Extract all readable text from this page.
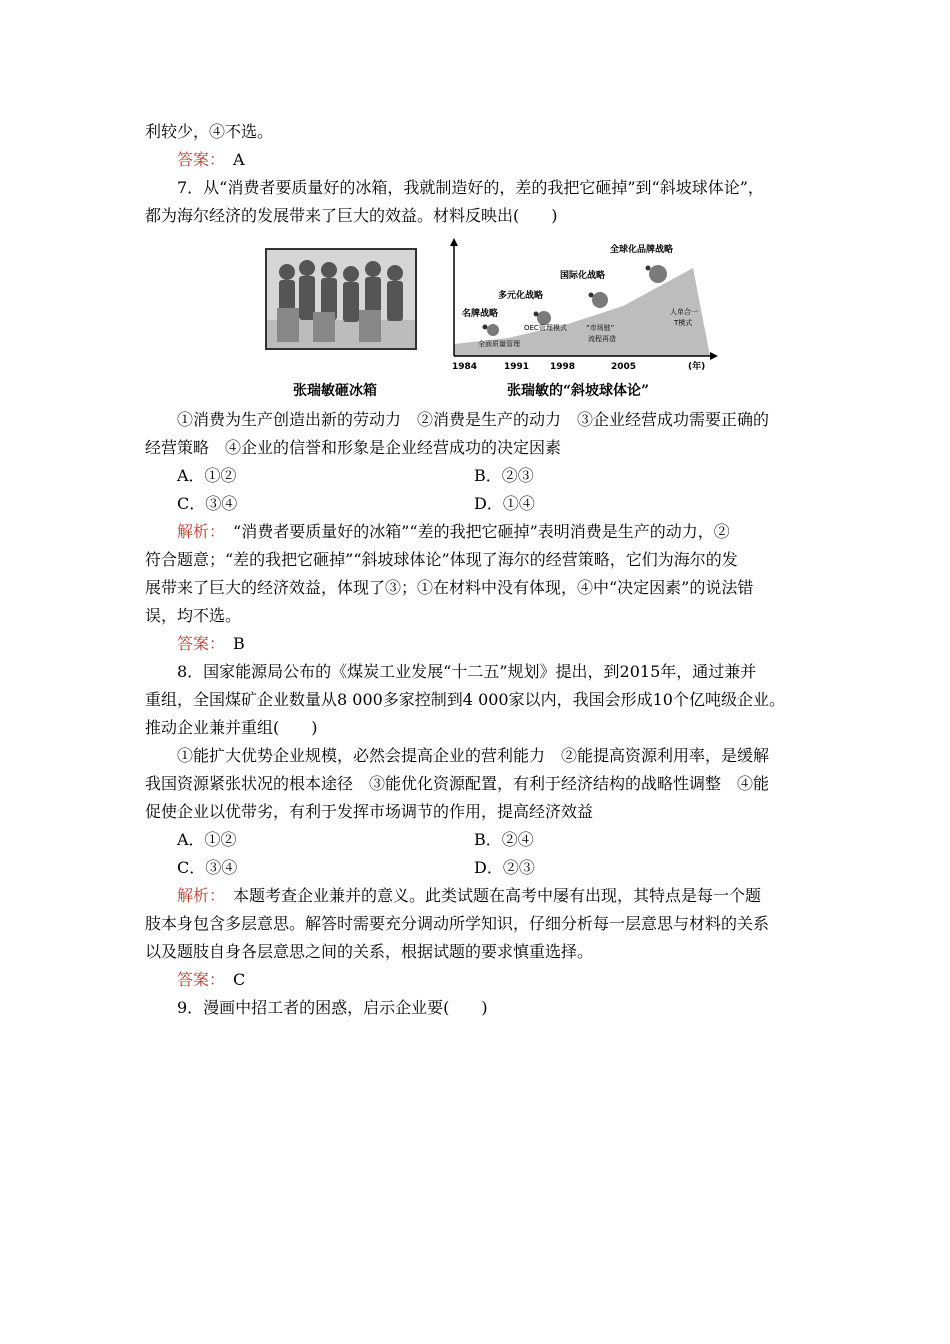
利较少，④不选。
答案：　 A
7．从“消费者要质量好的冰箱，我就制造好的，差的我把它砸掉”到“斜坡球体论”，
都为海尔经济的发展带来了巨大的效益。材料反映出(　　)
名牌战略
多元化战略
国际化战略
全球化品牌战略
全面质量管理
OEC管理模式	“市场链”
流程再造
人单合一
T模式
1984	1991 1998	2005	(年)
张瑞敏砸冰箱	张瑞敏的“斜坡球体论”
①消费为生产创造出新的劳动力　②消费是生产的动力　③企业经营成功需要正确的
经营策略　④企业的信誉和形象是企业经营成功的决定因素
A．①②	B．②③
C．③④	D．①④
解析：　 “消费者要质量好的冰箱”“差的我把它砸掉”表明消费是生产的动力，②
符合题意；“差的我把它砸掉”“斜坡球体论”体现了海尔的经营策略，它们为海尔的发
展带来了巨大的经济效益，体现了③；①在材料中没有体现，④中“决定因素”的说法错
误，均不选。
答案：　 B
8．国家能源局公布的《煤炭工业发展“十二五”规划》提出，到2015年，通过兼并
重组，全国煤矿企业数量从8 000多家控制到4 000家以内，我国会形成10个亿吨级企业。
推动企业兼并重组(　　)
①能扩大优势企业规模，必然会提高企业的营利能力　②能提高资源利用率，是缓解
我国资源紧张状况的根本途径　③能优化资源配置，有利于经济结构的战略性调整　④能
促使企业以优带劣，有利于发挥市场调节的作用，提高经济效益
A．①②	B．②④
C．③④	D．②③
解析：　 本题考查企业兼并的意义。此类试题在高考中屡有出现，其特点是每一个题
肢本身包含多层意思。解答时需要充分调动所学知识，仔细分析每一层意思与材料的关系
以及题肢自身各层意思之间的关系，根据试题的要求慎重选择。
答案：　 C
9．漫画中招工者的困惑，启示企业要(　　)
